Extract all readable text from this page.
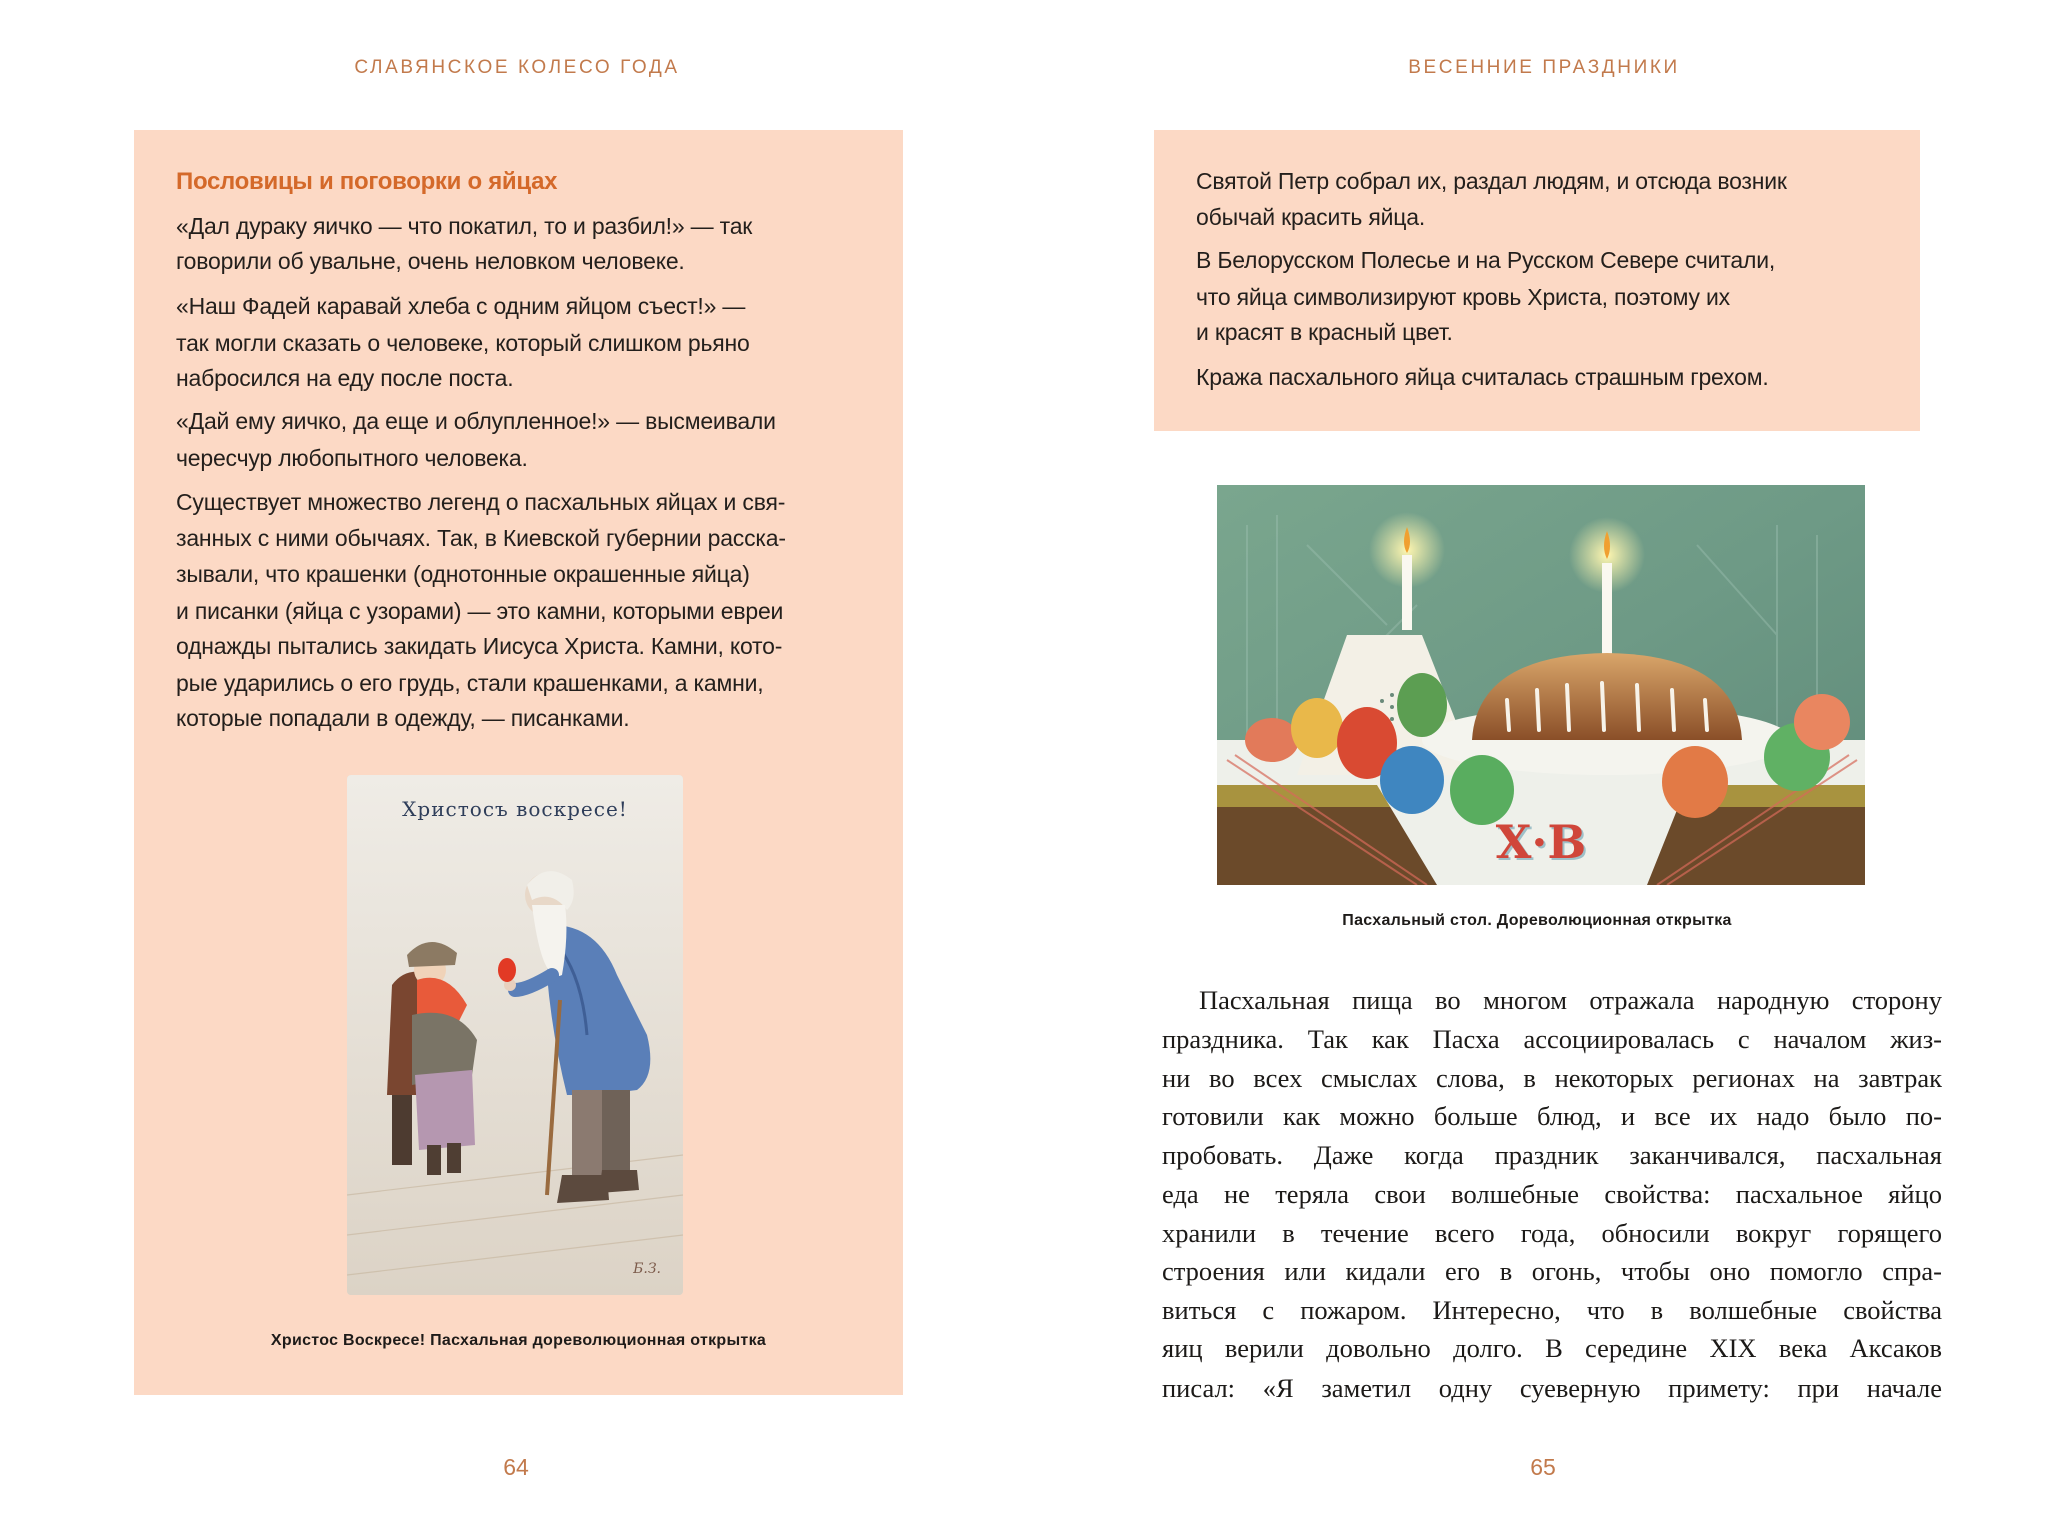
СЛАВЯНСКОЕ КОЛЕСО ГОДА
Пословицы и поговорки о яйцах
«Дал дураку яичко — что покатил, то и разбил!» — так
говорили об увальне, очень неловком человеке.
«Наш Фадей каравай хлеба с одним яйцом съест!» —
так могли сказать о человеке, который слишком рьяно
набросился на еду после поста.
«Дай ему яичко, да еще и облупленное!» — высмеивали
чересчур любопытного человека.
Существует множество легенд о пасхальных яйцах и свя-
занных с ними обычаях. Так, в Киевской губернии расска-
зывали, что крашенки (однотонные окрашенные яйца)
и писанки (яйца с узорами) — это камни, которыми евреи
однажды пытались закидать Иисуса Христа. Камни, кото-
рые ударились о его грудь, стали крашенками, а камни,
которые попадали в одежду, — писанками.
Христосъ воскресе!
Б.З.
Христос Воскресе! Пасхальная дореволюционная открытка
64
ВЕСЕННИЕ ПРАЗДНИКИ
Святой Петр собрал их, раздал людям, и отсюда возник
обычай красить яйца.
В Белорусском Полесье и на Русском Севере считали,
что яйца символизируют кровь Христа, поэтому их
и красят в красный цвет.
Кража пасхального яйца считалась страшным грехом.
Х·В
Пасхальный стол. Дореволюционная открытка
Пасхальная пища во многом отражала народную сторону
праздника. Так как Пасха ассоциировалась с началом жиз-
ни во всех смыслах слова, в некоторых регионах на завтрак
готовили как можно больше блюд, и все их надо было по-
пробовать. Даже когда праздник заканчивался, пасхальная
еда не теряла свои волшебные свойства: пасхальное яйцо
хранили в течение всего года, обносили вокруг горящего
строения или кидали его в огонь, чтобы оно помогло спра-
виться с пожаром. Интересно, что в волшебные свойства
яиц верили довольно долго. В середине XIX века Аксаков
писал: «Я заметил одну суеверную примету: при начале
65
